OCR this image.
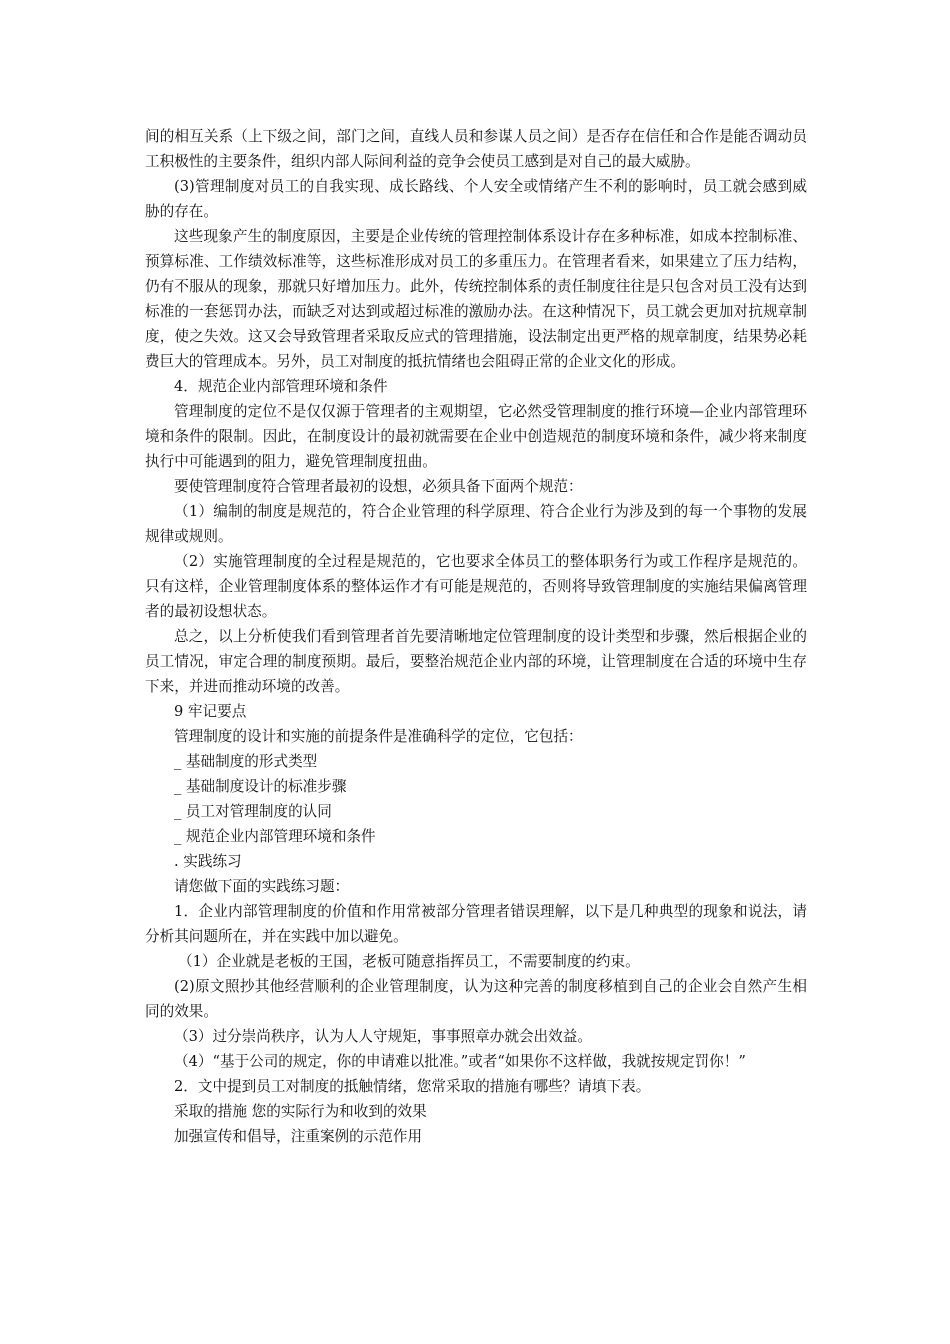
间的相互关系（上下级之间，部门之间，直线人员和参谋人员之间）是否存在信任和合作是能否调动员工积极性的主要条件，组织内部人际间利益的竞争会使员工感到是对自己的最大威胁。

(3)管理制度对员工的自我实现、成长路线、个人安全或情绪产生不利的影响时，员工就会感到威胁的存在。

这些现象产生的制度原因，主要是企业传统的管理控制体系设计存在多种标准，如成本控制标准、预算标准、工作绩效标准等，这些标准形成对员工的多重压力。在管理者看来，如果建立了压力结构，仍有不服从的现象，那就只好增加压力。此外，传统控制体系的责任制度往往是只包含对员工没有达到标准的一套惩罚办法，而缺乏对达到或超过标准的激励办法。在这种情况下，员工就会更加对抗规章制度，使之失效。这又会导致管理者采取反应式的管理措施，设法制定出更严格的规章制度，结果势必耗费巨大的管理成本。另外，员工对制度的抵抗情绪也会阻碍正常的企业文化的形成。

4．规范企业内部管理环境和条件

管理制度的定位不是仅仅源于管理者的主观期望，它必然受管理制度的推行环境—企业内部管理环境和条件的限制。因此，在制度设计的最初就需要在企业中创造规范的制度环境和条件，减少将来制度执行中可能遇到的阻力，避免管理制度扭曲。

要使管理制度符合管理者最初的设想，必须具备下面两个规范：

（1）编制的制度是规范的，符合企业管理的科学原理、符合企业行为涉及到的每一个事物的发展规律或规则。

（2）实施管理制度的全过程是规范的，它也要求全体员工的整体职务行为或工作程序是规范的。只有这样，企业管理制度体系的整体运作才有可能是规范的，否则将导致管理制度的实施结果偏离管理者的最初设想状态。

总之，以上分析使我们看到管理者首先要清晰地定位管理制度的设计类型和步骤，然后根据企业的员工情况，审定合理的制度预期。最后，要整治规范企业内部的环境，让管理制度在合适的环境中生存下来，并进而推动环境的改善。

9 牢记要点

管理制度的设计和实施的前提条件是准确科学的定位，它包括：

_ 基础制度的形式类型

_ 基础制度设计的标准步骤

_ 员工对管理制度的认同

_ 规范企业内部管理环境和条件

. 实践练习

请您做下面的实践练习题：

1．企业内部管理制度的价值和作用常被部分管理者错误理解，以下是几种典型的现象和说法，请分析其问题所在，并在实践中加以避免。

（1）企业就是老板的王国，老板可随意指挥员工，不需要制度的约束。

(2)原文照抄其他经营顺利的企业管理制度，认为这种完善的制度移植到自己的企业会自然产生相同的效果。

（3）过分崇尚秩序，认为人人守规矩，事事照章办就会出效益。

（4）“基于公司的规定，你的申请难以批准。”或者“如果你不这样做，我就按规定罚你！”

2．文中提到员工对制度的抵触情绪，您常采取的措施有哪些？请填下表。

采取的措施 您的实际行为和收到的效果

加强宣传和倡导，注重案例的示范作用
